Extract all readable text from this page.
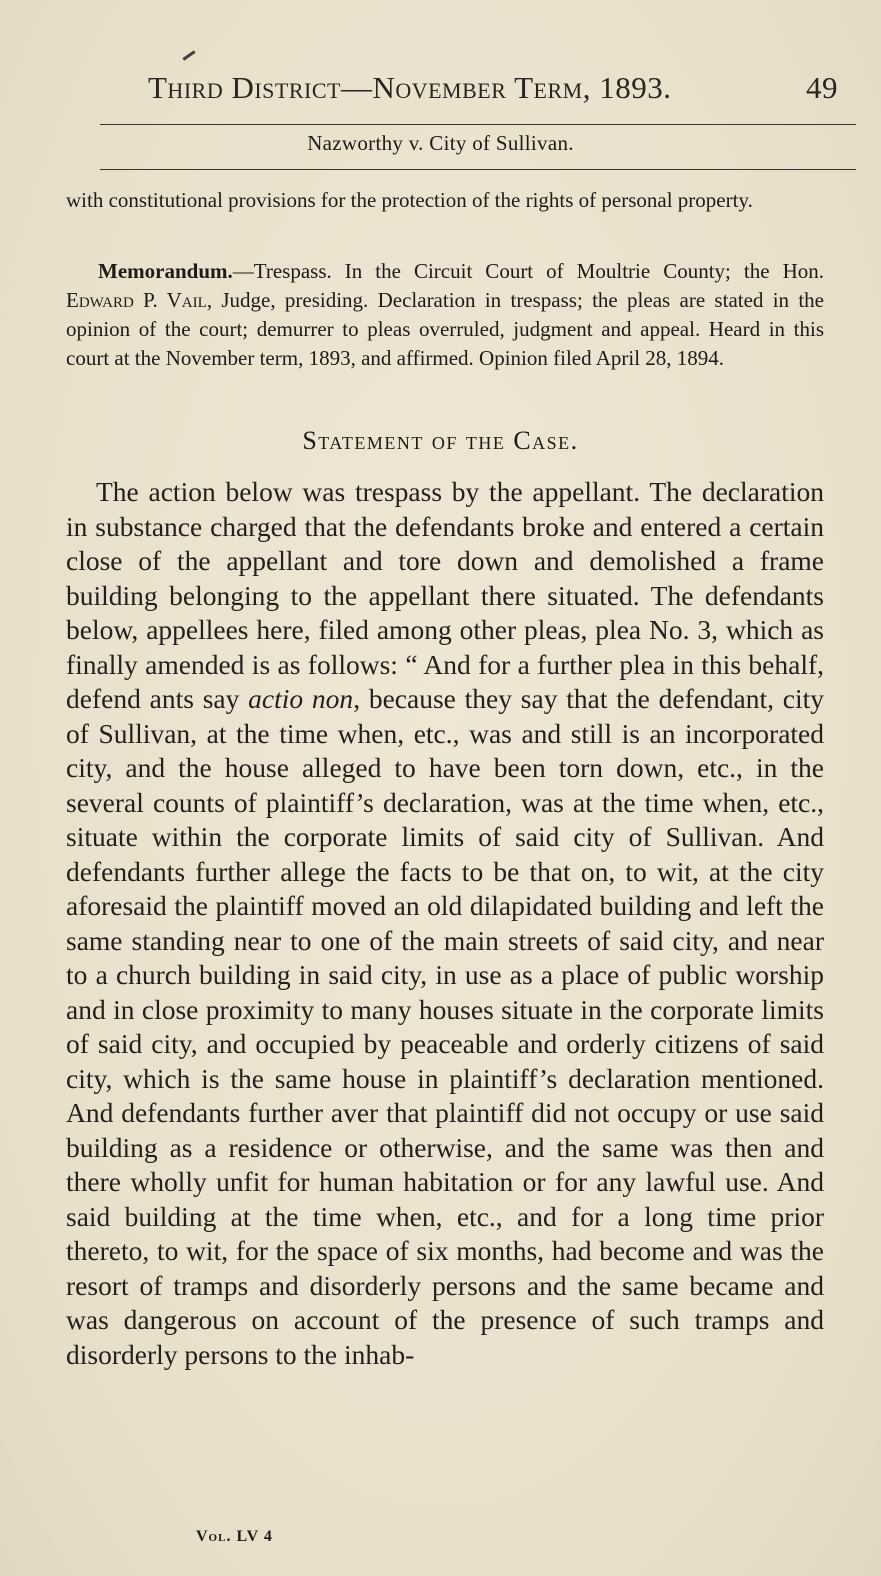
Third District—November Term, 1893.	49
Nazworthy v. City of Sullivan.

with constitutional provisions for the protection of the rights of personal property.

Memorandum.—Trespass. In the Circuit Court of Moultrie County; the Hon. Edward P. Vail, Judge, presiding. Declaration in trespass; the pleas are stated in the opinion of the court; demurrer to pleas overruled, judgment and appeal. Heard in this court at the November term, 1893, and affirmed. Opinion filed April 28, 1894.

Statement of the Case.

The action below was trespass by the appellant. The declaration in substance charged that the defendants broke and entered a certain close of the appellant and tore down and demolished a frame building belonging to the appellant there situated. The defendants below, appellees here, filed among other pleas, plea No. 3, which as finally amended is as follows: “ And for a further plea in this behalf, defend ants say actio non, because they say that the defendant, city of Sullivan, at the time when, etc., was and still is an incorporated city, and the house alleged to have been torn down, etc., in the several counts of plaintiff’s declaration, was at the time when, etc., situate within the corporate limits of said city of Sullivan. And defendants further allege the facts to be that on, to wit, at the city aforesaid the plaintiff moved an old dilapidated building and left the same standing near to one of the main streets of said city, and near to a church building in said city, in use as a place of public worship and in close proximity to many houses situate in the corporate limits of said city, and occupied by peaceable and orderly citizens of said city, which is the same house in plaintiff’s declaration mentioned. And defendants further aver that plaintiff did not occupy or use said building as a residence or otherwise, and the same was then and there wholly unfit for human habitation or for any lawful use. And said building at the time when, etc., and for a long time prior thereto, to wit, for the space of six months, had become and was the resort of tramps and disorderly persons and the same became and was dangerous on account of the presence of such tramps and disorderly persons to the inhab-

Vol. LV 4
